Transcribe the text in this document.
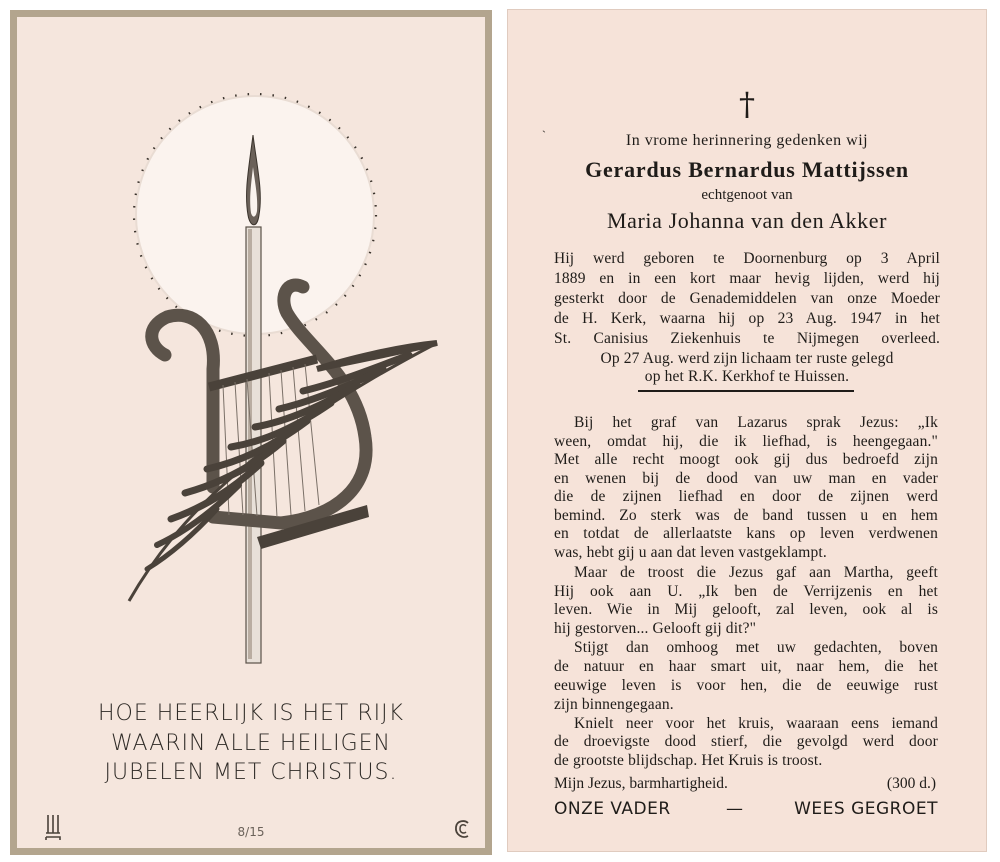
HOE HEERLIJK IS HET RIJK
WAARIN ALLE HEILIGEN
JUBELEN MET CHRISTUS.
8/15
†
`	In vrome herinnering gedenken wij
Gerardus Bernardus Mattijssen
echtgenoot van
Maria Johanna van den Akker
Hij werd geboren te Doornenburg op 3 April
1889 en in een kort maar hevig lijden, werd hij
gesterkt door de Genademiddelen van onze Moeder
de H. Kerk, waarna hij op 23 Aug. 1947 in het
St. Canisius Ziekenhuis te Nijmegen overleed.
Op 27 Aug. werd zijn lichaam ter ruste gelegd
op het R.K. Kerkhof te Huissen.
Bij het graf van Lazarus sprak Jezus: „Ik
ween, omdat hij, die ik liefhad, is heengegaan."
Met alle recht moogt ook gij dus bedroefd zijn
en wenen bij de dood van uw man en vader
die de zijnen liefhad en door de zijnen werd
bemind. Zo sterk was de band tussen u en hem
en totdat de allerlaatste kans op leven verdwenen
was, hebt gij u aan dat leven vastgeklampt.
Maar de troost die Jezus gaf aan Martha, geeft
Hij ook aan U. „Ik ben de Verrijzenis en het
leven. Wie in Mij gelooft, zal leven, ook al is
hij gestorven... Gelooft gij dit?"
Stijgt dan omhoog met uw gedachten, boven
de natuur en haar smart uit, naar hem, die het
eeuwige leven is voor hen, die de eeuwige rust
zijn binnengegaan.
Knielt neer voor het kruis, waaraan eens iemand
de droevigste dood stierf, die gevolgd werd door
de grootste blijdschap. Het Kruis is troost.
Mijn Jezus, barmhartigheid.	(300 d.)
ONZE VADER	—	WEES GEGROET
